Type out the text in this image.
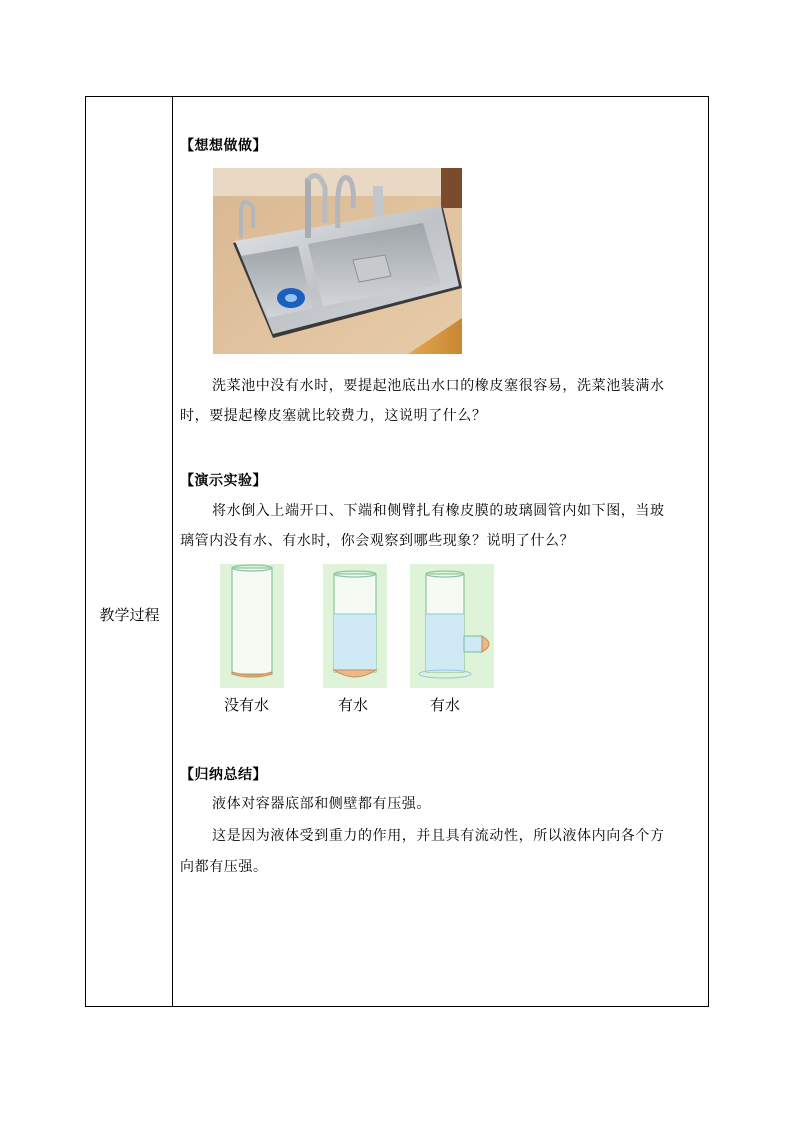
教学过程
【想想做做】
洗菜池中没有水时，要提起池底出水口的橡皮塞很容易，洗菜池装满水
时，要提起橡皮塞就比较费力，这说明了什么？
【演示实验】
将水倒入上端开口、下端和侧臂扎有橡皮膜的玻璃圆管内如下图，当玻
璃管内没有水、有水时，你会观察到哪些现象？说明了什么？
没有水	有水	有水
【归纳总结】
液体对容器底部和侧壁都有压强。
这是因为液体受到重力的作用，并且具有流动性，所以液体内向各个方
向都有压强。
